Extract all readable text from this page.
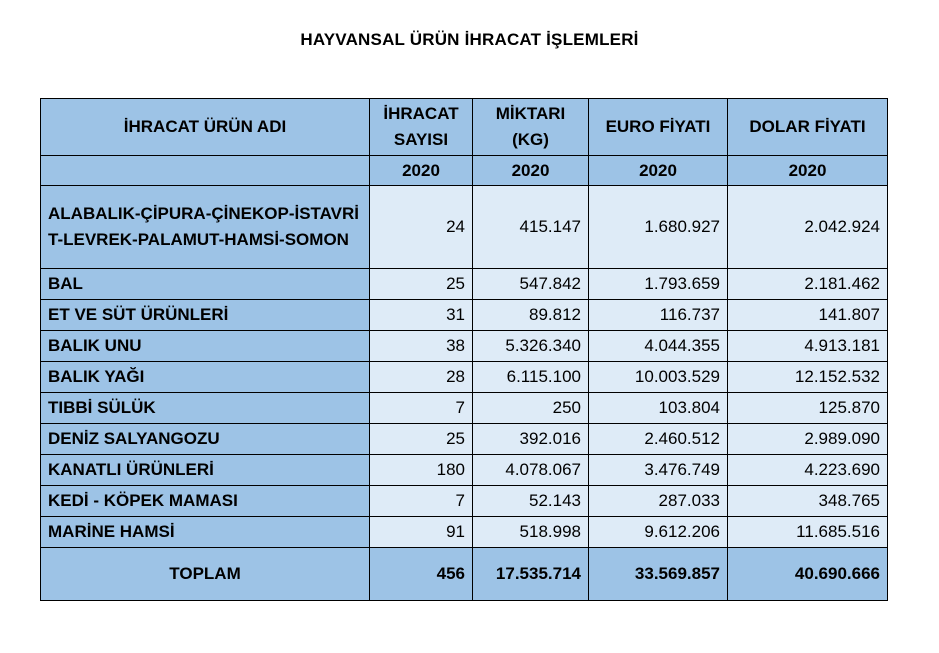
HAYVANSAL ÜRÜN İHRACAT İŞLEMLERİ
İHRACAT ÜRÜN ADI	İHRACAT SAYISI	MİKTARI (KG)	EURO FİYATI	DOLAR FİYATI
	2020	2020	2020	2020
ALABALIK-ÇİPURA-ÇİNEKOP-İSTAVRİT-LEVREK-PALAMUT-HAMSİ-SOMON	24	415.147	1.680.927	2.042.924
BAL	25	547.842	1.793.659	2.181.462
ET VE SÜT ÜRÜNLERİ	31	89.812	116.737	141.807
BALIK UNU	38	5.326.340	4.044.355	4.913.181
BALIK YAĞI	28	6.115.100	10.003.529	12.152.532
TIBBİ SÜLÜK	7	250	103.804	125.870
DENİZ SALYANGOZU	25	392.016	2.460.512	2.989.090
KANATLI ÜRÜNLERİ	180	4.078.067	3.476.749	4.223.690
KEDİ - KÖPEK MAMASI	7	52.143	287.033	348.765
MARİNE HAMSİ	91	518.998	9.612.206	11.685.516
TOPLAM	456	17.535.714	33.569.857	40.690.666
